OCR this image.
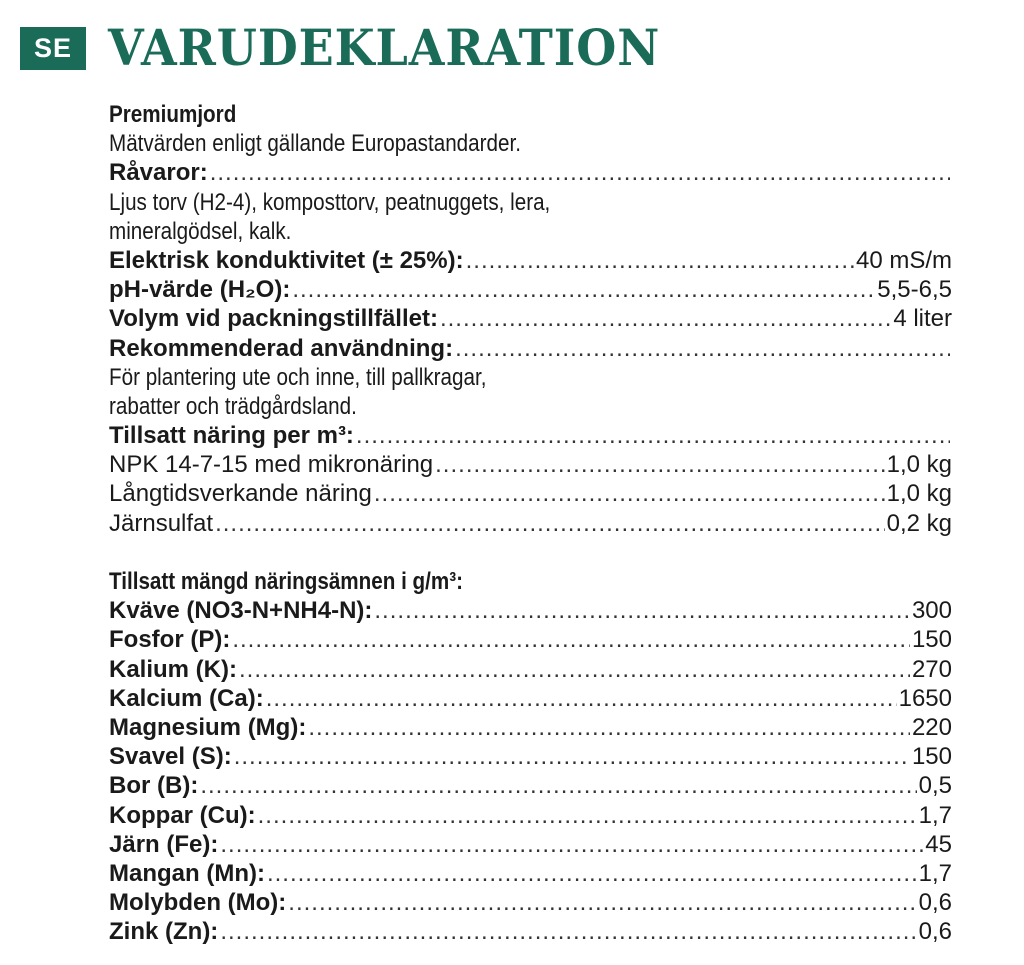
SE VARUDEKLARATION
Premiumjord
Mätvärden enligt gällande Europastandarder.
Råvaror:
.....
Ljus torv (H2-4), komposttorv, peatnuggets, lera,
mineralgödsel, kalk.
Elektrisk konduktivitet (± 25%): .....	40 mS/m
pH-värde (H₂O): .....	5,5-6,5
Volym vid packningstillfället: .....	4 liter
Rekommenderad användning:
.....
För plantering ute och inne, till pallkragar,
rabatter och trädgårdsland.
Tillsatt näring per m³:
.....
NPK 14-7-15 med mikronäring .....	1,0 kg
Långtidsverkande näring .....	1,0 kg
Järnsulfat .....	0,2 kg
Tillsatt mängd näringsämnen i g/m³:
Kväve (NO3-N+NH4-N): .....	300
Fosfor (P): .....	150
Kalium (K): .....	270
Kalcium (Ca): .....	1650
Magnesium (Mg): .....	220
Svavel (S): .....	150
Bor (B): .....	0,5
Koppar (Cu): .....	1,7
Järn (Fe): .....	45
Mangan (Mn): .....	1,7
Molybden (Mo): .....	0,6
Zink (Zn): .....	0,6
